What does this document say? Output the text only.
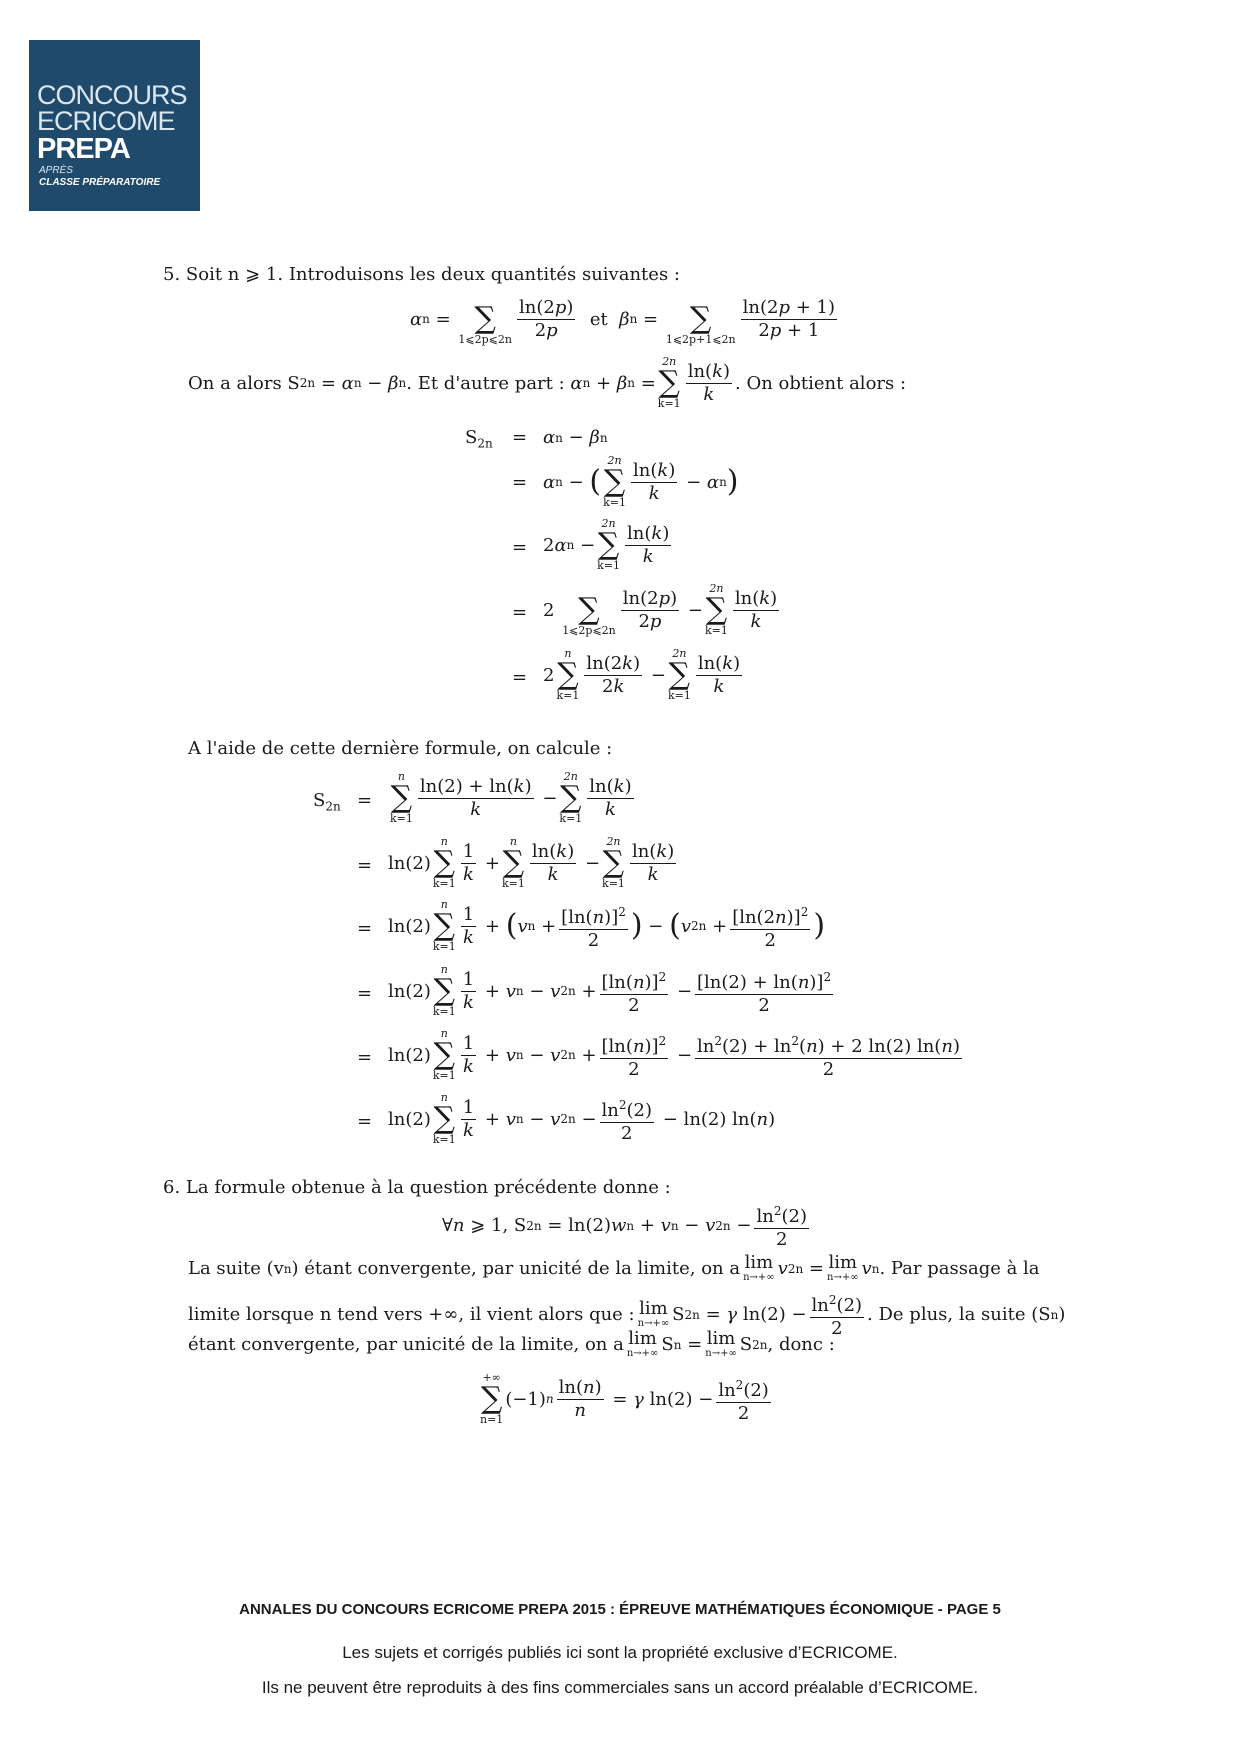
CONCOURS
ECRICOME
PREPA
APRÈS
CLASSE PRÉPARATOIRE
5. Soit n ⩾ 1. Introduisons les deux quantités suivantes :
α n =
∑
1⩽2p⩽2n $\frac{\ln(2p)}{2p}$
et
β n =
∑
1⩽2p+1⩽2n $\frac{\ln(2p + 1)}{2p + 1}$
On a alors S 2n = α n − β n . Et d'autre part :
α n + β n =
2n
∑
$k=1 \frac{\ln(k)}{k}$ . On obtient alors :
$S_{2n} = \alpha$ n − β n
= α n − (
2n
∑
$k=1 \frac{\ln(k)}{k} - \alpha$ n )
= 2 α n −
2n
∑
$k=1 \frac{\ln(k)}{k}$
= 2
∑
1⩽2p⩽2n $\frac{\ln(2p)}{2p}$ −
2n
∑
$k=1 \frac{\ln(k)}{k}$
= 2
n
∑
$k=1 \frac{\ln(2k)}{2k}$ −
2n
∑
$k=1 \frac{\ln(k)}{k}$
A l'aide de cette dernière formule, on calcule :
$S_{2n}$ =
n
∑
$k=1 \frac{\ln(2) + \ln(k)}{k}$ −
2n
∑
$k=1 \frac{\ln(k)}{k}$
= ln(2)
n
∑
$k=1 \frac{1}{k}$ +
n
∑
$k=1 \frac{\ln(k)}{k}$ −
2n
∑
$k=1 \frac{\ln(k)}{k}$
= ln(2)
n
∑
$k=1 \frac{1}{k}$ + ( v $n + \frac{[\ln(n)]^2}{2}$ ) − ( v $2n + \frac{[\ln(2n)]^2}{2}$ )
= ln(2)
n
∑
$k=1 \frac{1}{k} + v$ n − v $2n + \frac{[\ln(n)]^2}{2} - \frac{[\ln(2) + \ln(n)]^2}{2}$
= ln(2)
n
∑
$k=1 \frac{1}{k} + v$ n − v $2n + \frac{[\ln(n)]^2}{2} - \frac{\ln^2(2) + \ln^2(n) + 2 \ln(2) \ln(n)}{2}$
= ln(2)
n
∑
$k=1 \frac{1}{k} + v$ n − v $2n - \frac{\ln^2(2)}{2} - \ln(2)$ ln( n )
6. La formule obtenue à la question précédente donne :
∀ n ⩾ 1, S 2n = ln(2) w n + v n − v $2n - \frac{\ln^2(2)}{2}$
La suite (v n ) étant convergente, par unicité de la limite, on a lim
n→+∞ v 2n = lim
n→+∞ v n . Par passage à la
limite lorsque n tend vers +∞, il vient alors que : lim
n→+∞ S 2n = γ $\ln(2) - \frac{\ln^2(2)}{2}$ . De plus, la suite (S n )
étant convergente, par unicité de la limite, on a lim
n→+∞ S n = lim
n→+∞ S 2n , donc :
+∞
∑
n=1
(−1) n $\frac{\ln(n)}{n} = \gamma$ $\ln(2) - \frac{\ln^2(2)}{2}$
ANNALES DU CONCOURS ECRICOME PREPA 2015 : ÉPREUVE MATHÉMATIQUES ÉCONOMIQUE - PAGE 5
Les sujets et corrigés publiés ici sont la propriété exclusive d’ECRICOME.
Ils ne peuvent être reproduits à des fins commerciales sans un accord préalable d’ECRICOME.
